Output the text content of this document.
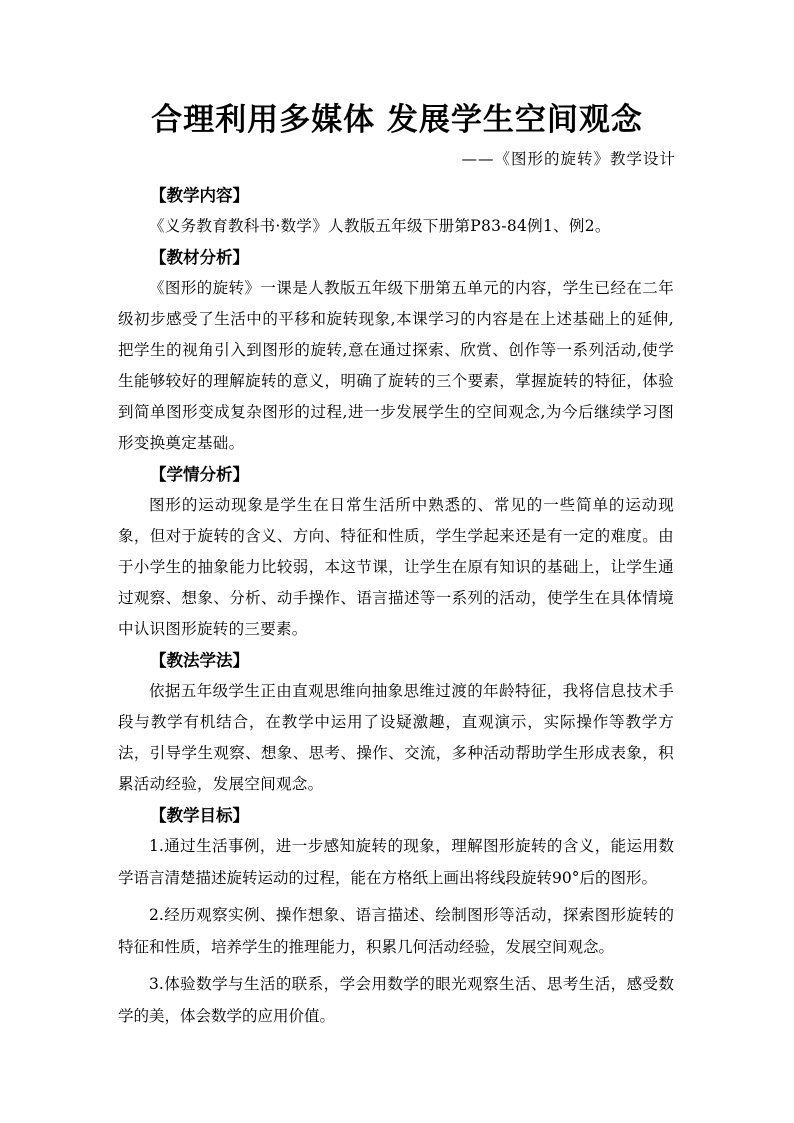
合理利用多媒体 发展学生空间观念
——《图形的旋转》教学设计
【教学内容】

《义务教育教科书·数学》人教版五年级下册第P83-84例1、例2。

【教材分析】

《图形的旋转》一课是人教版五年级下册第五单元的内容，学生已经在二年级初步感受了生活中的平移和旋转现象,本课学习的内容是在上述基础上的延伸,把学生的视角引入到图形的旋转,意在通过探索、欣赏、创作等一系列活动,使学生能够较好的理解旋转的意义，明确了旋转的三个要素，掌握旋转的特征，体验到简单图形变成复杂图形的过程,进一步发展学生的空间观念,为今后继续学习图形变换奠定基础。

【学情分析】

图形的运动现象是学生在日常生活所中熟悉的、常见的一些简单的运动现象，但对于旋转的含义、方向、特征和性质，学生学起来还是有一定的难度。由于小学生的抽象能力比较弱，本这节课，让学生在原有知识的基础上，让学生通过观察、想象、分析、动手操作、语言描述等一系列的活动，使学生在具体情境中认识图形旋转的三要素。

【教法学法】

依据五年级学生正由直观思维向抽象思维过渡的年龄特征，我将信息技术手段与教学有机结合，在教学中运用了设疑激趣，直观演示，实际操作等教学方法，引导学生观察、想象、思考、操作、交流，多种活动帮助学生形成表象，积累活动经验，发展空间观念。

【教学目标】

1.通过生活事例，进一步感知旋转的现象，理解图形旋转的含义，能运用数学语言清楚描述旋转运动的过程，能在方格纸上画出将线段旋转90°后的图形。

2.经历观察实例、操作想象、语言描述、绘制图形等活动，探索图形旋转的特征和性质，培养学生的推理能力，积累几何活动经验，发展空间观念。

3.体验数学与生活的联系，学会用数学的眼光观察生活、思考生活，感受数学的美，体会数学的应用价值。
